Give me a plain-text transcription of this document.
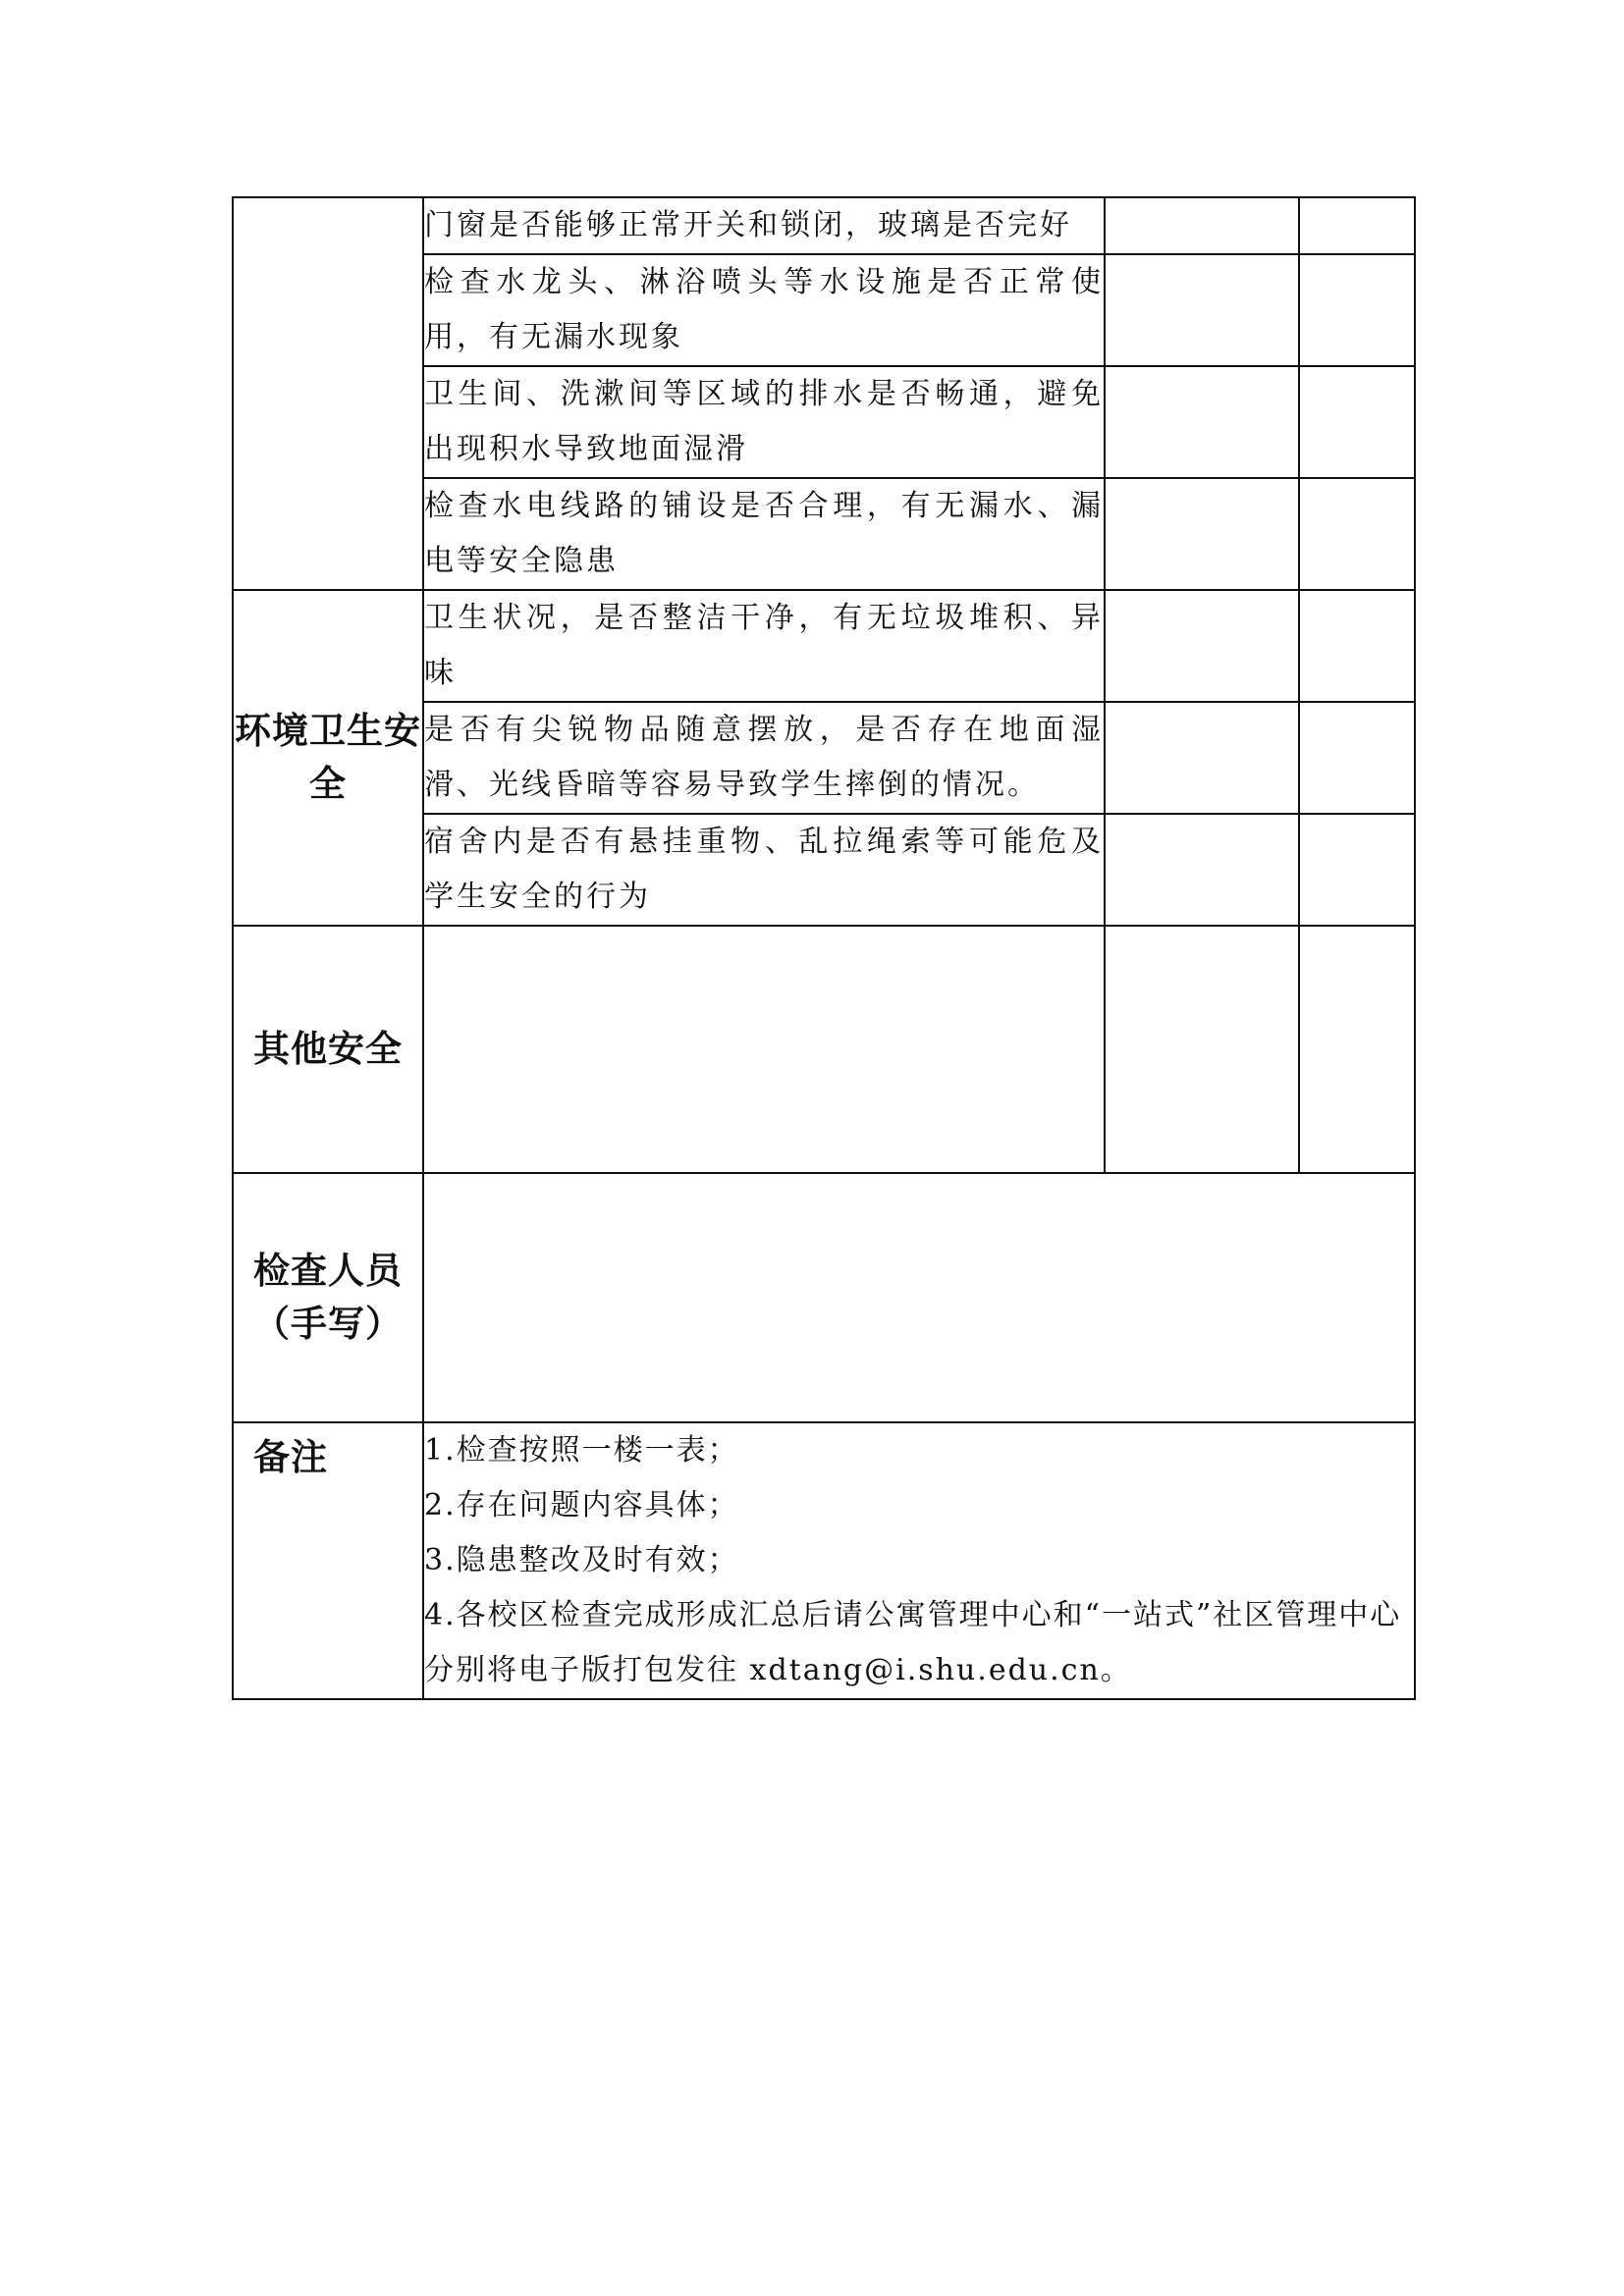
	门窗是否能够正常开关和锁闭，玻璃是否完好		
	检查水龙头、淋浴喷头等水设施是否正常使用，有无漏水现象		
	卫生间、洗漱间等区域的排水是否畅通，避免出现积水导致地面湿滑		
	检查水电线路的铺设是否合理，有无漏水、漏电等安全隐患		
环境卫生安全	卫生状况，是否整洁干净，有无垃圾堆积、异味		
	是否有尖锐物品随意摆放，是否存在地面湿滑、光线昏暗等容易导致学生摔倒的情况。		
	宿舍内是否有悬挂重物、乱拉绳索等可能危及学生安全的行为		
其他安全			

检查人员
（手写）			

备注	1.检查按照一楼一表；
2.存在问题内容具体；
3.隐患整改及时有效；
4.各校区检查完成形成汇总后请公寓管理中心和“一站式”社区管理中心分别将电子版打包发往 xdtang@i.shu.edu.cn。		
